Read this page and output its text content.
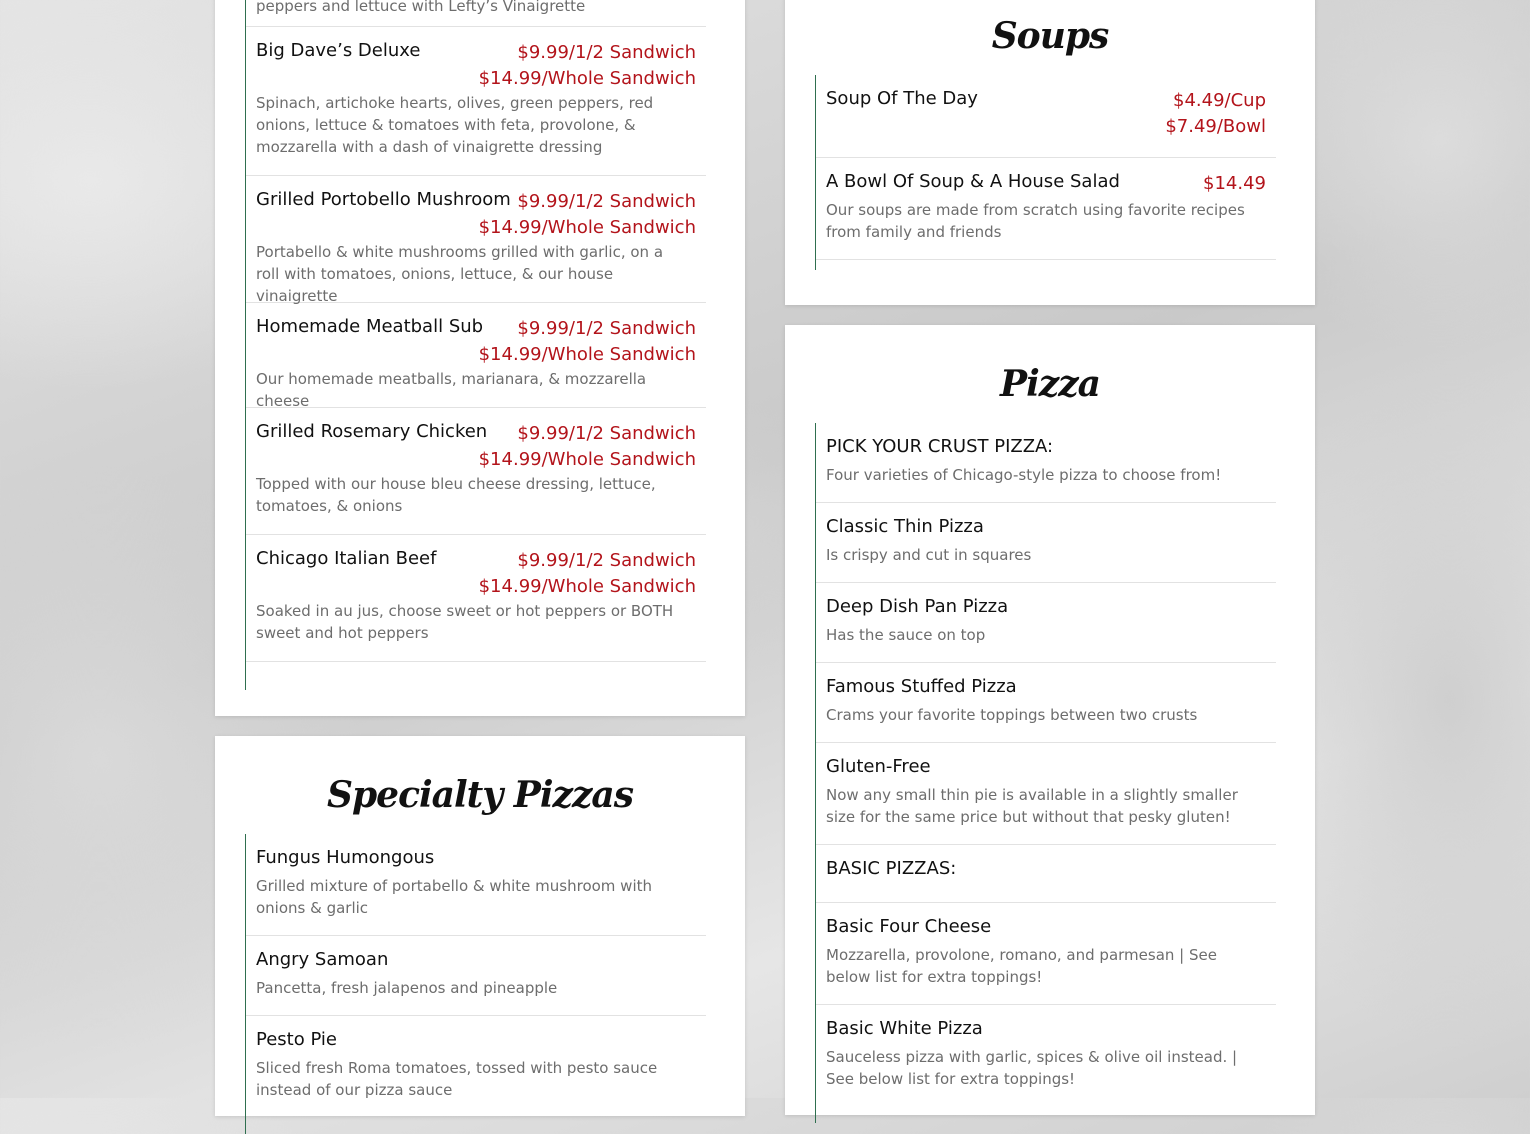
peppers and lettuce with Lefty’s Vinaigrette
Big Dave’s Deluxe	$9.99/1/2 Sandwich
$14.99/Whole Sandwich
Spinach, artichoke hearts, olives, green peppers, red onions, lettuce & tomatoes with feta, provolone, & mozzarella with a dash of vinaigrette dressing
Grilled Portobello Mushroom $9.99/1/2 Sandwich
$14.99/Whole Sandwich
Portabello & white mushrooms grilled with garlic, on a roll with tomatoes, onions, lettuce, & our house vinaigrette
Homemade Meatball Sub	$9.99/1/2 Sandwich
$14.99/Whole Sandwich
Our homemade meatballs, marianara, & mozzarella cheese
Grilled Rosemary Chicken	$9.99/1/2 Sandwich
$14.99/Whole Sandwich
Topped with our house bleu cheese dressing, lettuce, tomatoes, & onions
Chicago Italian Beef	$9.99/1/2 Sandwich
$14.99/Whole Sandwich
Soaked in au jus, choose sweet or hot peppers or BOTH sweet and hot peppers
Specialty Pizzas
Fungus Humongous
Grilled mixture of portabello & white mushroom with onions & garlic
Angry Samoan
Pancetta, fresh jalapenos and pineapple
Pesto Pie
Sliced fresh Roma tomatoes, tossed with pesto sauce instead of our pizza sauce
Soups
Soup Of The Day	$4.49/Cup
$7.49/Bowl
A Bowl Of Soup & A House Salad	$14.49
Our soups are made from scratch using favorite recipes from family and friends
Pizza
PICK YOUR CRUST PIZZA:
Four varieties of Chicago-style pizza to choose from!
Classic Thin Pizza
Is crispy and cut in squares
Deep Dish Pan Pizza
Has the sauce on top
Famous Stuffed Pizza
Crams your favorite toppings between two crusts
Gluten-Free
Now any small thin pie is available in a slightly smaller size for the same price but without that pesky gluten!
BASIC PIZZAS:
Basic Four Cheese
Mozzarella, provolone, romano, and parmesan | See below list for extra toppings!
Basic White Pizza
Sauceless pizza with garlic, spices & olive oil instead. | See below list for extra toppings!
